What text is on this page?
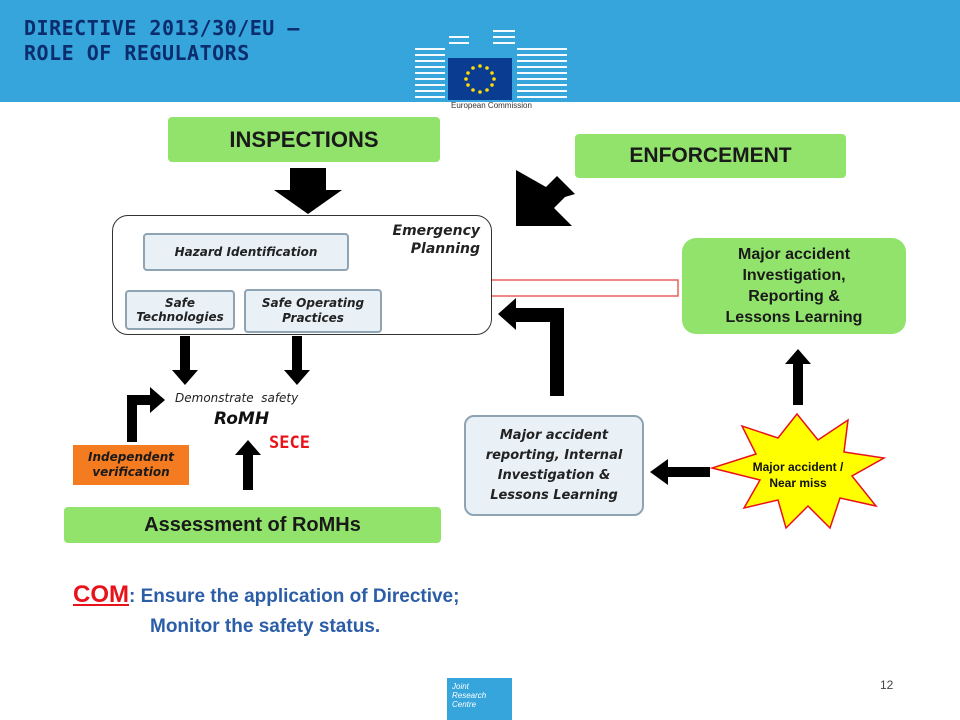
DIRECTIVE 2013/30/EU –
ROLE OF REGULATORS
European Commission
INSPECTIONS
ENFORCEMENT
Emergency
Planning
Hazard Identification
Safe
Technologies
Safe Operating
Practices
Major accident
Investigation,
Reporting &
Lessons Learning
Demonstrate  safety
RoMH
SECE
Independent
verification
Assessment of RoMHs
Major accident
reporting, Internal
Investigation &
Lessons Learning
Major accident /
Near miss
COM: Ensure the application of Directive;
Monitor the safety status.
Joint
Research
Centre
12
